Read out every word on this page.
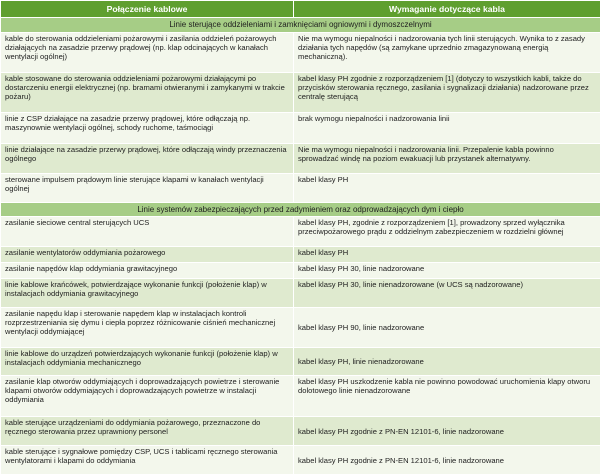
Połączenie kablowe	Wymaganie dotyczące kabla
Linie sterujące oddzieleniami i zamknięciami ogniowymi i dymoszczelnymi	
kable do sterowania oddzieleniami pożarowymi i zasilania oddzieleń pożarowych działających na zasadzie przerwy prądowej (np. klap odcinających w kanałach wentylacji ogólnej)	Nie ma wymogu niepalności i nadzorowania tych linii sterujących. Wynika to z zasady działania tych napędów (są zamykane uprzednio zmagazynowaną energią mechaniczną).
kable stosowane do sterowania oddzieleniami pożarowymi działającymi po dostarczeniu energii elektrycznej (np. bramami otwieranymi i zamykanymi w trakcie pożaru)	kabel klasy PH zgodnie z rozporządzeniem [1] (dotyczy to wszystkich kabli, także do przycisków sterowania ręcznego, zasilania i sygnalizacji działania) nadzorowane przez centralę sterującą
linie z CSP działające na zasadzie przerwy prądowej, które odłączają np. maszynownie wentylacji ogólnej, schody ruchome, taśmociągi	brak wymogu niepalności i nadzorowania linii
linie działające na zasadzie przerwy prądowej, które odłączają windy przeznaczenia ogólnego	Nie ma wymogu niepalności i nadzorowania linii. Przepalenie kabla powinno sprowadzać windę na poziom ewakuacji lub przystanek alternatywny.
sterowane impulsem prądowym linie sterujące klapami w kanałach wentylacji ogólnej	kabel klasy PH
Linie systemów zabezpieczających przed zadymieniem oraz odprowadzających dym i ciepło	
zasilanie sieciowe central sterujących UCS	kabel klasy PH, zgodnie z rozporządzeniem [1], prowadzony sprzed wyłącznika przeciwpożarowego prądu z oddzielnym zabezpieczeniem w rozdzielni głównej
zasilanie wentylatorów oddymiania pożarowego	kabel klasy PH
zasilanie napędów klap oddymiania grawitacyjnego	kabel klasy PH 30, linie nadzorowane
linie kablowe krańcówek, potwierdzające wykonanie funkcji (położenie klap) w instalacjach oddymiania grawitacyjnego	kabel klasy PH 30, linie nienadzorowane (w UCS są nadzorowane)
zasilanie napędu klap i sterowanie napędem klap w instalacjach kontroli rozprzestrzeniania się dymu i ciepła poprzez różnicowanie ciśnień mechanicznej wentylacji oddymiającej	kabel klasy PH 90, linie nadzorowane
linie kablowe do urządzeń potwierdzających wykonanie funkcji (położenie klap) w instalacjach oddymiania mechanicznego	kabel klasy PH, linie nienadzorowane
zasilanie klap otworów oddymiających i doprowadzających powietrze i sterowanie klapami otworów oddymiających i doprowadzających powietrze w instalacji oddymiania	kabel klasy PH uszkodzenie kabla nie powinno powodować uruchomienia klapy otworu dolotowego linie nienadzorowane
kable sterujące urządzeniami do oddymiania pożarowego, przeznaczone do ręcznego sterowania przez uprawniony personel	kabel klasy PH zgodnie z PN-EN 12101-6, linie nadzorowane
kable sterujące i sygnałowe pomiędzy CSP, UCS i tablicami ręcznego sterowania wentylatorami i klapami do oddymiania	kabel klasy PH zgodnie z PN-EN 12101-6, linie nadzorowane
